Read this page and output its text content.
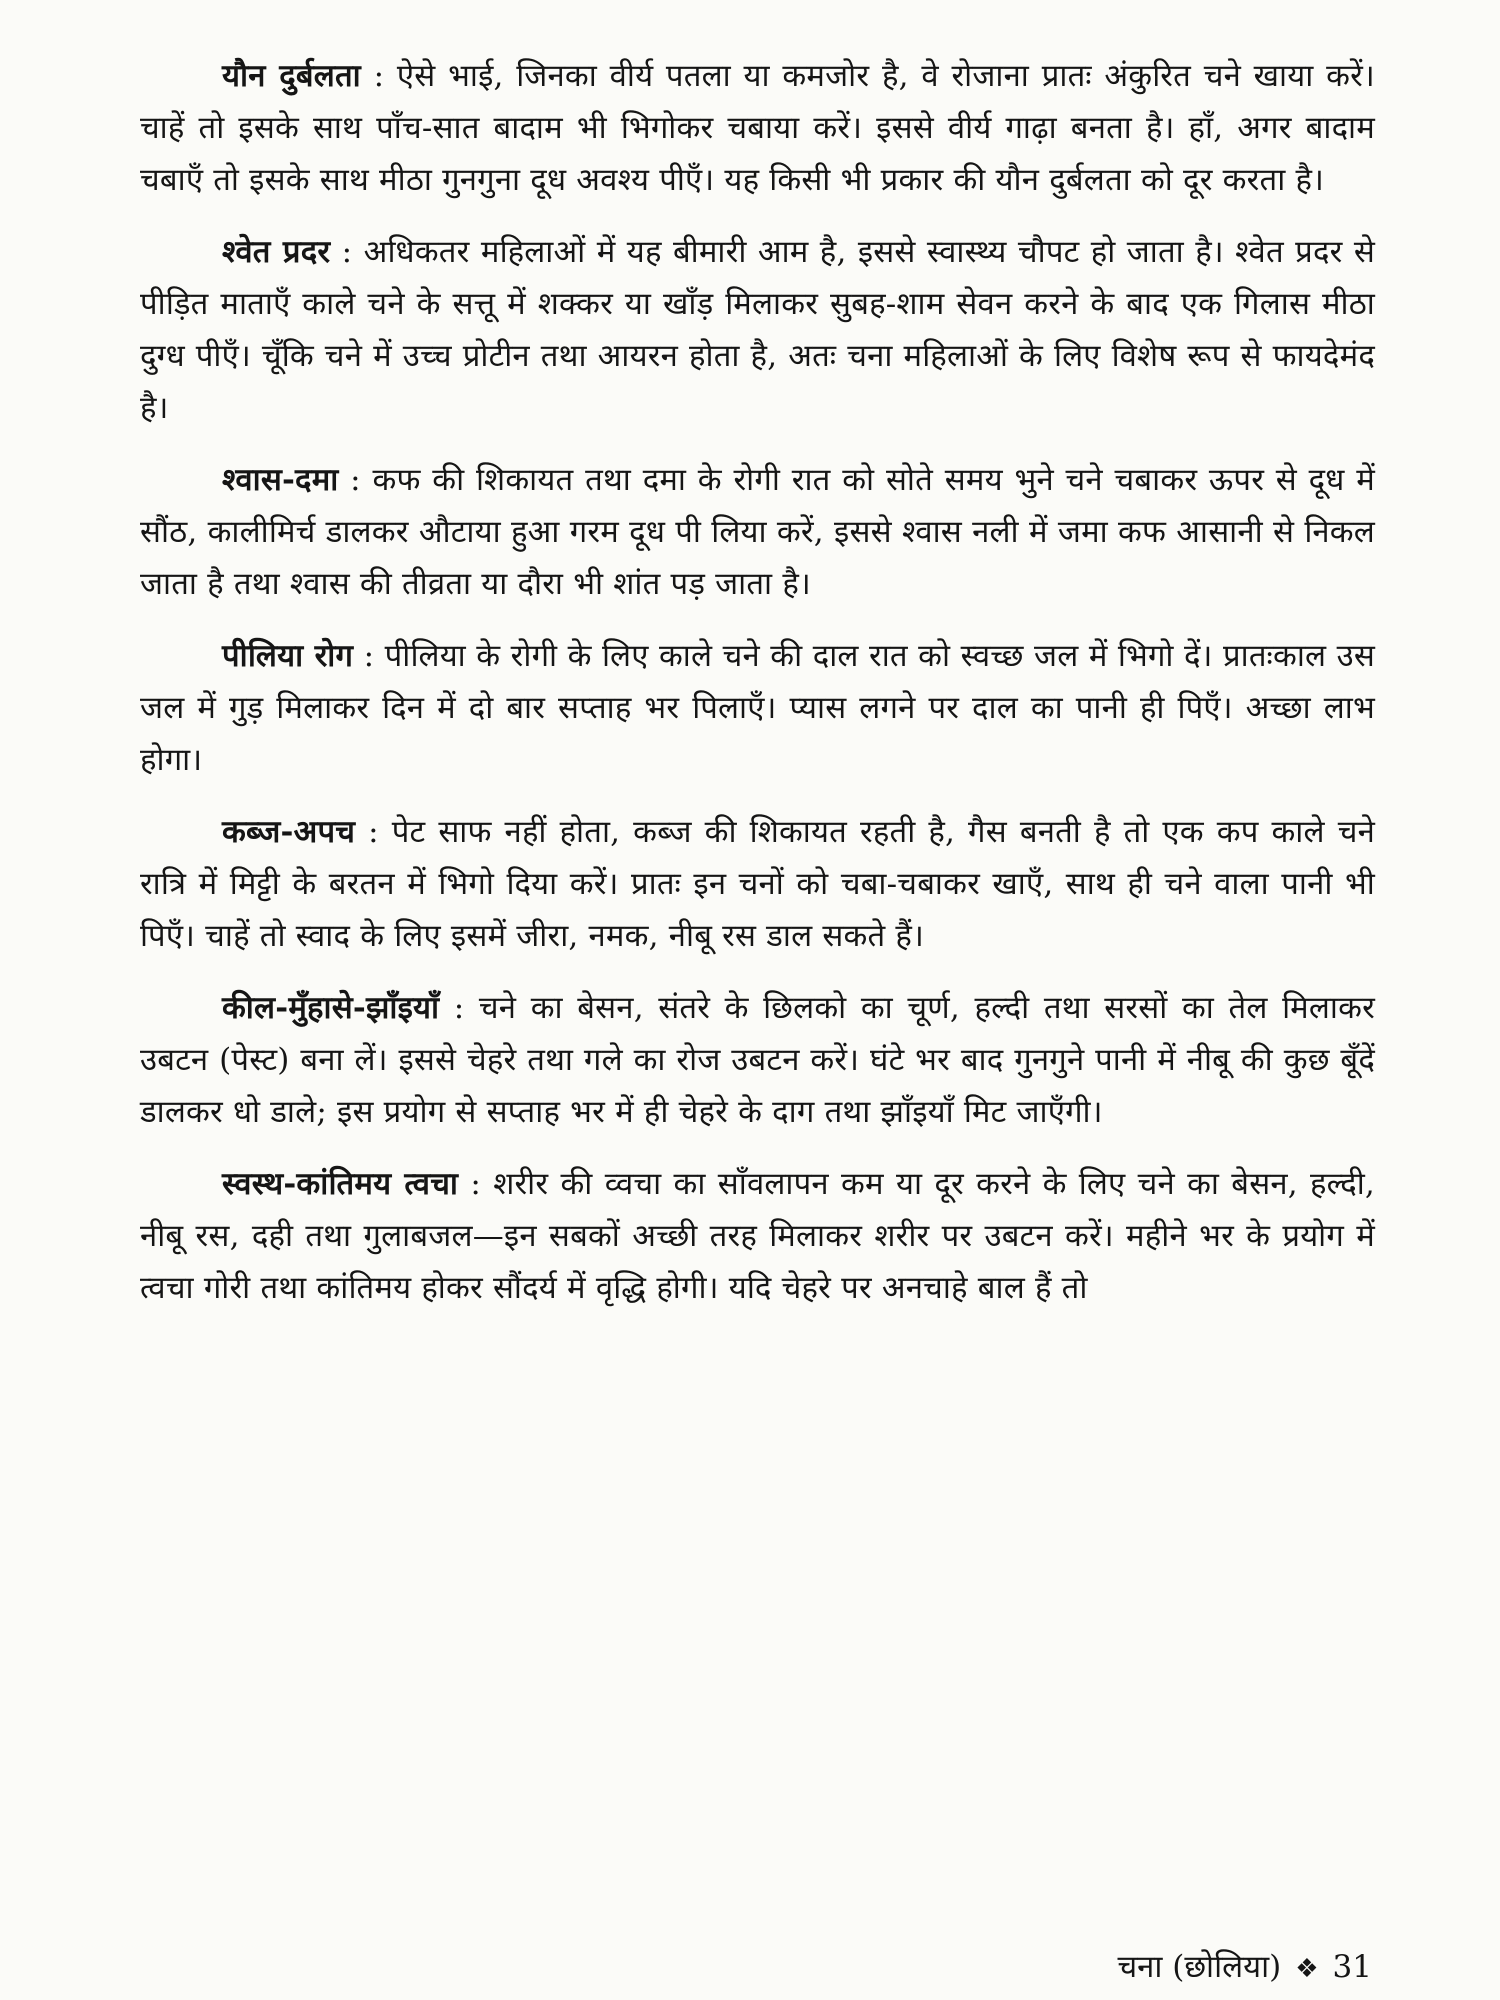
यौन दुर्बलता : ऐसे भाई, जिनका वीर्य पतला या कमजोर है, वे रोजाना प्रातः अंकुरित चने खाया करें। चाहें तो इसके साथ पाँच-सात बादाम भी भिगोकर चबाया करें। इससे वीर्य गाढ़ा बनता है। हाँ, अगर बादाम चबाएँ तो इसके साथ मीठा गुनगुना दूध अवश्य पीएँ। यह किसी भी प्रकार की यौन दुर्बलता को दूर करता है।

श्वेत प्रदर : अधिकतर महिलाओं में यह बीमारी आम है, इससे स्वास्थ्य चौपट हो जाता है। श्वेत प्रदर से पीड़ित माताएँ काले चने के सत्तू में शक्कर या खाँड़ मिलाकर सुबह-शाम सेवन करने के बाद एक गिलास मीठा दुग्ध पीएँ। चूँकि चने में उच्च प्रोटीन तथा आयरन होता है, अतः चना महिलाओं के लिए विशेष रूप से फायदेमंद है।

श्वास-दमा : कफ की शिकायत तथा दमा के रोगी रात को सोते समय भुने चने चबाकर ऊपर से दूध में सौंठ, कालीमिर्च डालकर औटाया हुआ गरम दूध पी लिया करें, इससे श्वास नली में जमा कफ आसानी से निकल जाता है तथा श्वास की तीव्रता या दौरा भी शांत पड़ जाता है।

पीलिया रोग : पीलिया के रोगी के लिए काले चने की दाल रात को स्वच्छ जल में भिगो दें। प्रातःकाल उस जल में गुड़ मिलाकर दिन में दो बार सप्ताह भर पिलाएँ। प्यास लगने पर दाल का पानी ही पिएँ। अच्छा लाभ होगा।

कब्ज-अपच : पेट साफ नहीं होता, कब्ज की शिकायत रहती है, गैस बनती है तो एक कप काले चने रात्रि में मिट्टी के बरतन में भिगो दिया करें। प्रातः इन चनों को चबा-चबाकर खाएँ, साथ ही चने वाला पानी भी पिएँ। चाहें तो स्वाद के लिए इसमें जीरा, नमक, नीबू रस डाल सकते हैं।

कील-मुँहासे-झाँइयाँ : चने का बेसन, संतरे के छिलको का चूर्ण, हल्दी तथा सरसों का तेल मिलाकर उबटन (पेस्ट) बना लें। इससे चेहरे तथा गले का रोज उबटन करें। घंटे भर बाद गुनगुने पानी में नीबू की कुछ बूँदें डालकर धो डाले; इस प्रयोग से सप्ताह भर में ही चेहरे के दाग तथा झाँइयाँ मिट जाएँगी।

स्वस्थ-कांतिमय त्वचा : शरीर की व्वचा का साँवलापन कम या दूर करने के लिए चने का बेसन, हल्दी, नीबू रस, दही तथा गुलाबजल—इन सबकों अच्छी तरह मिलाकर शरीर पर उबटन करें। महीने भर के प्रयोग में त्वचा गोरी तथा कांतिमय होकर सौंदर्य में वृद्धि होगी। यदि चेहरे पर अनचाहे बाल हैं तो

चना (छोलिया) ❖ 31
